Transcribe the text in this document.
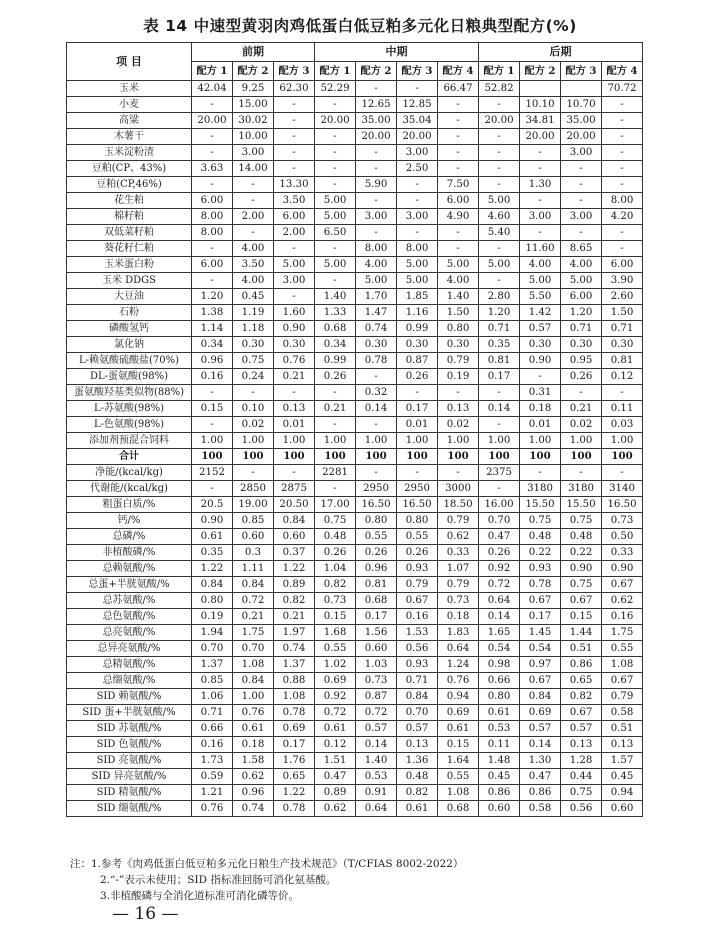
表 14 中速型黄羽肉鸡低蛋白低豆粕多元化日粮典型配方(%)
项 目	前期			中期				后期			
	配方 1	配方 2	配方 3	配方 1	配方 2	配方 3	配方 4	配方 1	配方 2	配方 3	配方 4
玉米	42.04	9.25	62.30	52.29	-	-	66.47	52.82			70.72
小麦	-	15.00	-	-	12.65	12.85	-	-	10.10	10.70	-
高粱	20.00	30.02	-	20.00	35.00	35.04	-	20.00	34.81	35.00	-
木薯干	-	10.00	-	-	20.00	20.00	-	-	20.00	20.00	-
玉米淀粉渣	-	3.00	-	-	-	3.00	-	-	-	3.00	-
豆粕(CP、43%)	3.63	14.00	-	-	-	2.50	-	-	-	-	-
豆粕(CP,46%)	-	-	13.30	-	5.90	-	7.50	-	1.30	-	-
花生粕	6.00	-	3.50	5.00	-	-	6.00	5.00	-	-	8.00
棉籽粕	8.00	2.00	6.00	5.00	3.00	3.00	4.90	4.60	3.00	3.00	4.20
双低菜籽粕	8.00	-	2.00	6.50	-	-	-	5.40	-	-	-
葵花籽仁粕	-	4.00	-	-	8.00	8.00	-	-	11.60	8.65	-
玉米蛋白粉	6.00	3.50	5.00	5.00	4.00	5.00	5.00	5.00	4.00	4.00	6.00
玉米 DDGS	-	4.00	3.00	-	5.00	5.00	4.00	-	5.00	5.00	3.90
大豆油	1.20	0.45	-	1.40	1.70	1.85	1.40	2.80	5.50	6.00	2.60
石粉	1.38	1.19	1.60	1.33	1.47	1.16	1.50	1.20	1.42	1.20	1.50
磷酸氢钙	1.14	1.18	0.90	0.68	0.74	0.99	0.80	0.71	0.57	0.71	0.71
氯化钠	0.34	0.30	0.30	0.34	0.30	0.30	0.30	0.35	0.30	0.30	0.30
L-赖氨酸硫酸盐(70%)	0.96	0.75	0.76	0.99	0.78	0.87	0.79	0.81	0.90	0.95	0.81
DL-蛋氨酸(98%)	0.16	0.24	0.21	0.26	-	0.26	0.19	0.17	-	0.26	0.12
蛋氨酸羟基类似物(88%)	-	-	-	-	0.32	-	-	-	0.31	-	-
L-苏氨酸(98%)	0.15	0.10	0.13	0.21	0.14	0.17	0.13	0.14	0.18	0.21	0.11
L-色氨酸(98%)	-	0.02	0.01	-	-	0.01	0.02	-	0.01	0.02	0.03
添加剂预混合饲料	1.00	1.00	1.00	1.00	1.00	1.00	1.00	1.00	1.00	1.00	1.00
合计	100	100	100	100	100	100	100	100	100	100	100
净能/(kcal/kg)	2152	-	-	2281	-	-	-	2375	-	-	-
代谢能/(kcal/kg)	-	2850	2875	-	2950	2950	3000	-	3180	3180	3140
粗蛋白质/%	20.5	19.00	20.50	17.00	16.50	16.50	18.50	16.00	15.50	15.50	16.50
钙/%	0.90	0.85	0.84	0.75	0.80	0.80	0.79	0.70	0.75	0.75	0.73
总磷/%	0.61	0.60	0.60	0.48	0.55	0.55	0.62	0.47	0.48	0.48	0.50
非植酸磷/%	0.35	0.3	0.37	0.26	0.26	0.26	0.33	0.26	0.22	0.22	0.33
总赖氨酸/%	1.22	1.11	1.22	1.04	0.96	0.93	1.07	0.92	0.93	0.90	0.90
总蛋+半胱氨酸/%	0.84	0.84	0.89	0.82	0.81	0.79	0.79	0.72	0.78	0.75	0.67
总苏氨酸/%	0.80	0.72	0.82	0.73	0.68	0.67	0.73	0.64	0.67	0.67	0.62
总色氨酸/%	0.19	0.21	0.21	0.15	0.17	0.16	0.18	0.14	0.17	0.15	0.16
总亮氨酸/%	1.94	1.75	1.97	1.68	1.56	1.53	1.83	1.65	1.45	1.44	1.75
总异亮氨酸/%	0.70	0.70	0.74	0.55	0.60	0.56	0.64	0.54	0.54	0.51	0.55
总精氨酸/%	1.37	1.08	1.37	1.02	1.03	0.93	1.24	0.98	0.97	0.86	1.08
总缬氨酸/%	0.85	0.84	0.88	0.69	0.73	0.71	0.76	0.66	0.67	0.65	0.67
SID 赖氨酸/%	1.06	1.00	1.08	0.92	0.87	0.84	0.94	0.80	0.84	0.82	0.79
SID 蛋+半胱氨酸/%	0.71	0.76	0.78	0.72	0.72	0.70	0.69	0.61	0.69	0.67	0.58
SID 苏氨酸/%	0.66	0.61	0.69	0.61	0.57	0.57	0.61	0.53	0.57	0.57	0.51
SID 色氨酸/%	0.16	0.18	0.17	0.12	0.14	0.13	0.15	0.11	0.14	0.13	0.13
SID 亮氨酸/%	1.73	1.58	1.76	1.51	1.40	1.36	1.64	1.48	1.30	1.28	1.57
SID 异亮氨酸/%	0.59	0.62	0.65	0.47	0.53	0.48	0.55	0.45	0.47	0.44	0.45
SID 精氨酸/%	1.21	0.96	1.22	0.89	0.91	0.82	1.08	0.86	0.86	0.75	0.94
SID 缬氨酸/%	0.76	0.74	0.78	0.62	0.64	0.61	0.68	0.60	0.58	0.56	0.60
注：1.参考《肉鸡低蛋白低豆粕多元化日粮生产技术规范》（T/CFIAS 8002-2022）
2.“-”表示未使用；SID 指标准回肠可消化氨基酸。
3.非植酸磷与全消化道标准可消化磷等价。
— 16 —
